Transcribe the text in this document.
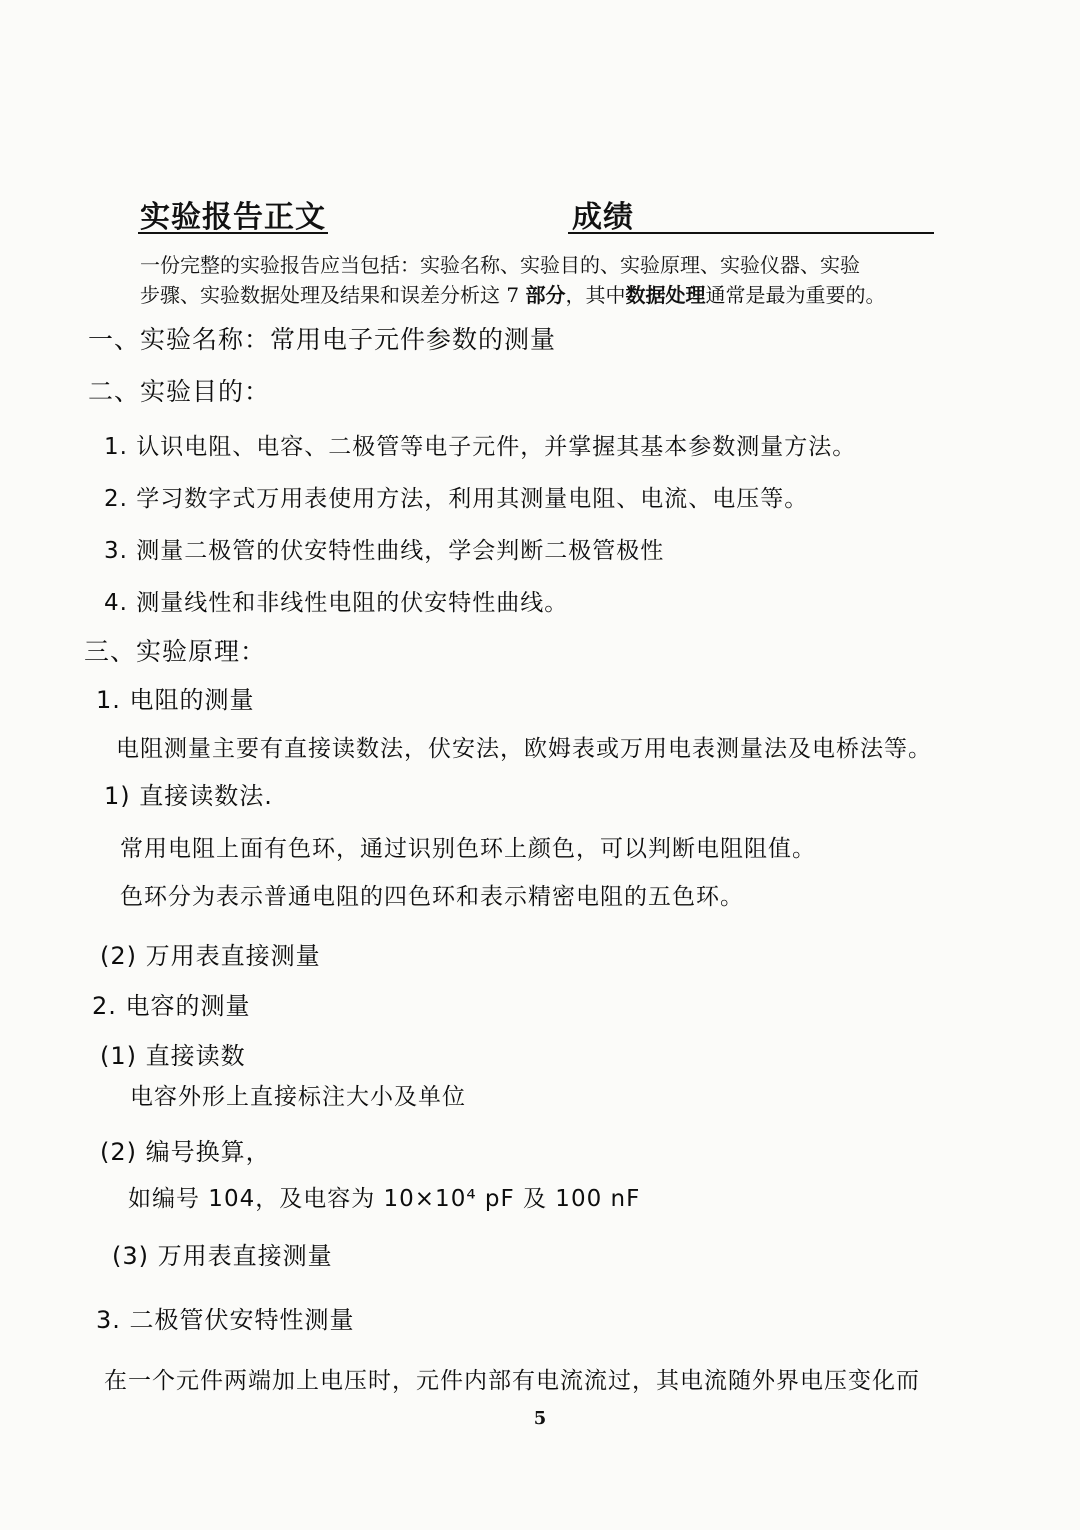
实验报告正文	成绩
一份完整的实验报告应当包括：实验名称、实验目的、实验原理、实验仪器、实验
步骤、实验数据处理及结果和误差分析这 7 部分，其中数据处理通常是最为重要的。
一、实验名称：常用电子元件参数的测量
二、实验目的：
1. 认识电阻、电容、二极管等电子元件，并掌握其基本参数测量方法。
2. 学习数字式万用表使用方法，利用其测量电阻、电流、电压等。
3. 测量二极管的伏安特性曲线，学会判断二极管极性
4. 测量线性和非线性电阻的伏安特性曲线。
三、实验原理：
1. 电阻的测量
电阻测量主要有直接读数法，伏安法，欧姆表或万用电表测量法及电桥法等。
1) 直接读数法.
常用电阻上面有色环，通过识别色环上颜色，可以判断电阻阻值。
色环分为表示普通电阻的四色环和表示精密电阻的五色环。
(2) 万用表直接测量
2. 电容的测量
(1) 直接读数
电容外形上直接标注大小及单位
(2) 编号换算，
如编号 104，及电容为 10×10⁴ pF 及 100 nF
(3) 万用表直接测量
3. 二极管伏安特性测量
在一个元件两端加上电压时，元件内部有电流流过，其电流随外界电压变化而
5
